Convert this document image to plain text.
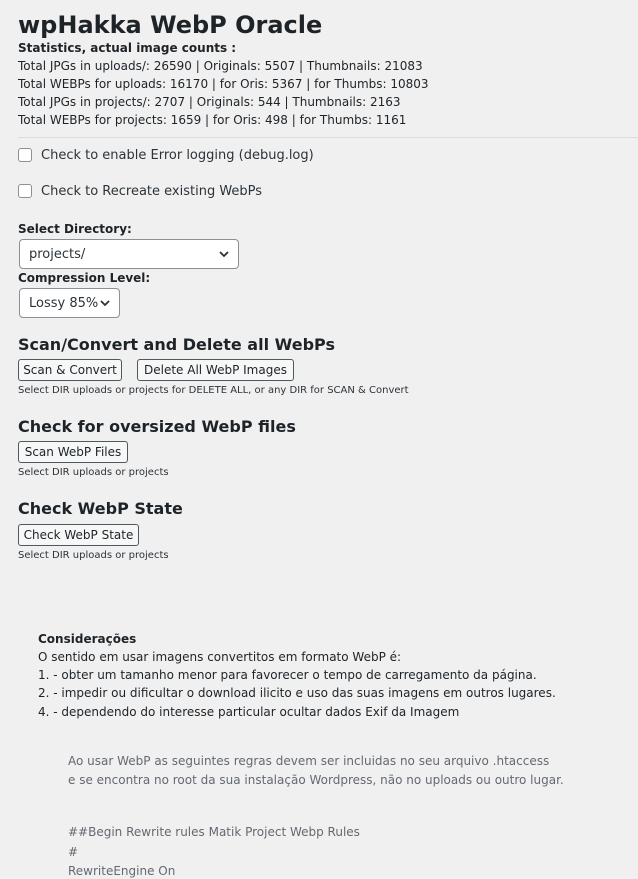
wpHakka WebP Oracle
Statistics, actual image counts :
Total JPGs in uploads/: 26590 | Originals: 5507 | Thumbnails: 21083
Total WEBPs for uploads: 16170 | for Oris: 5367 | for Thumbs: 10803
Total JPGs in projects/: 2707 | Originals: 544 | Thumbnails: 2163
Total WEBPs for projects: 1659 | for Oris: 498 | for Thumbs: 1161
Check to enable Error logging (debug.log)
Check to Recreate existing WebPs
Select Directory:
projects/
Compression Level:
Lossy 85%
Scan/Convert and Delete all WebPs
Scan & Convert	Delete All WebP Images
Select DIR uploads or projects for DELETE ALL, or any DIR for SCAN & Convert
Check for oversized WebP files
Scan WebP Files
Select DIR uploads or projects
Check WebP State
Check WebP State
Select DIR uploads or projects
Considerações
O sentido em usar imagens convertitos em formato WebP é:
1. - obter um tamanho menor para favorecer o tempo de carregamento da página.
2. - impedir ou dificultar o download ilicito e uso das suas imagens em outros lugares.
4. - dependendo do interesse particular ocultar dados Exif da Imagem
Ao usar WebP as seguintes regras devem ser incluidas no seu arquivo .htaccess
e se encontra no root da sua instalação Wordpress, não no uploads ou outro lugar.
##Begin Rewrite rules Matik Project Webp Rules
#
RewriteEngine On
